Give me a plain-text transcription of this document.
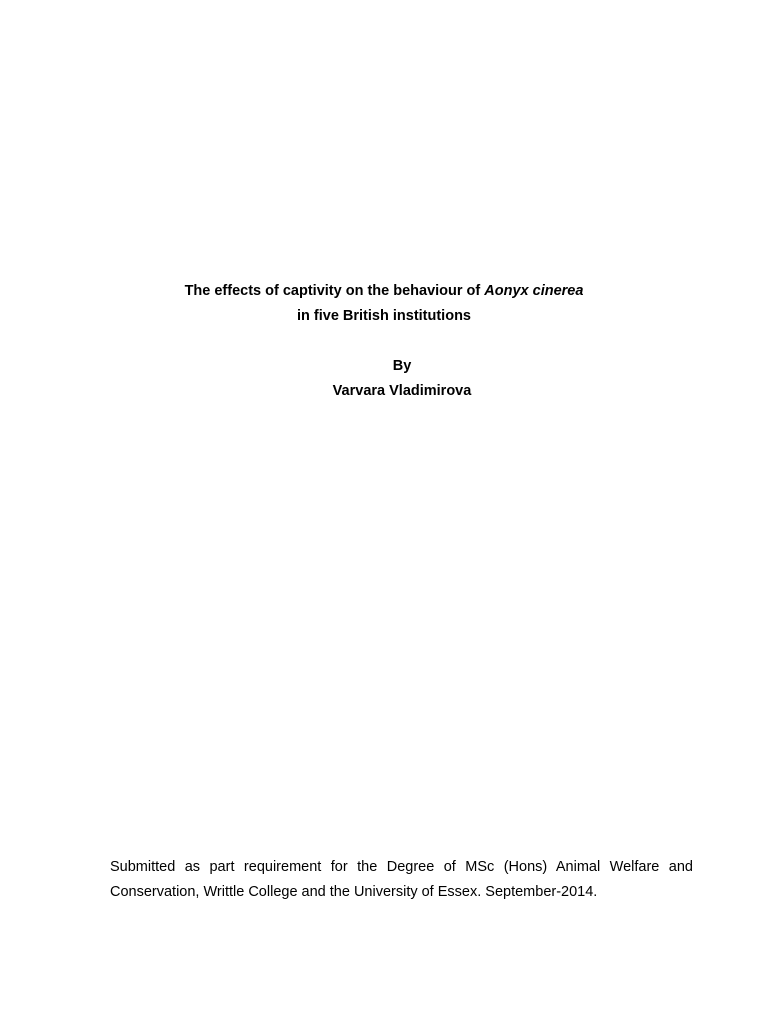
The effects of captivity on the behaviour of Aonyx cinerea
in five British institutions
By
Varvara Vladimirova
Submitted as part requirement for the Degree of MSc (Hons) Animal Welfare and
Conservation, Writtle College and the University of Essex. September-2014.
